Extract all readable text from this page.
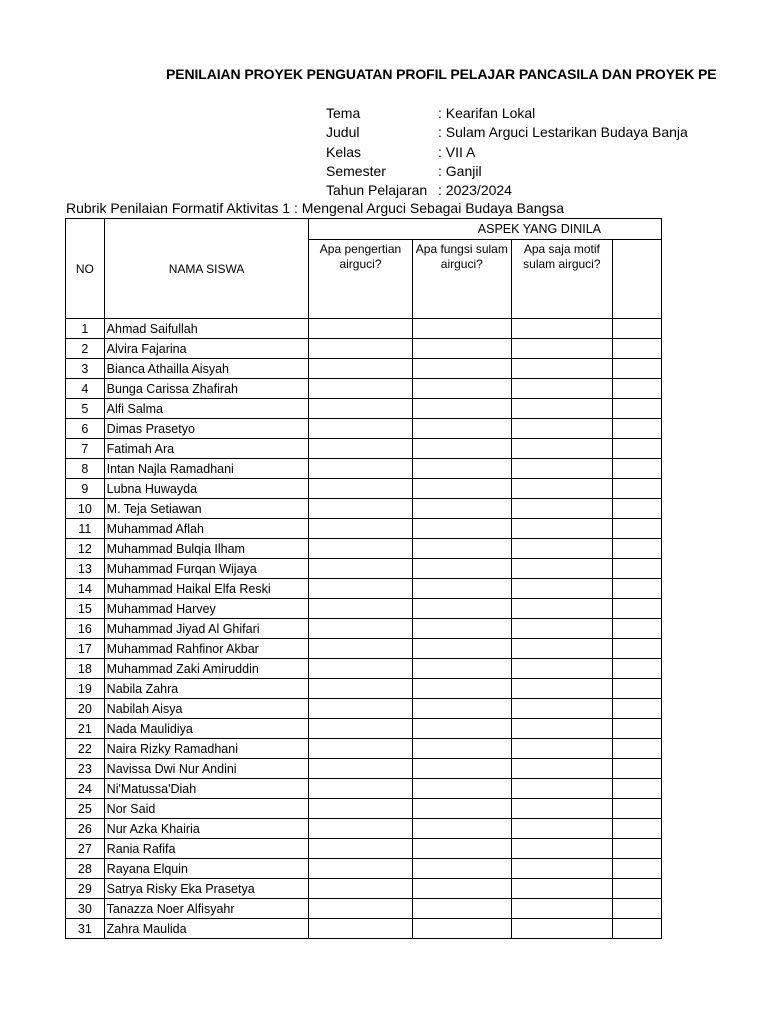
PENILAIAN PROYEK PENGUATAN PROFIL PELAJAR PANCASILA DAN PROYEK PE
Tema	: Kearifan Lokal
Judul	: Sulam Arguci Lestarikan Budaya Banja
Kelas	: VII A
Semester	: Ganjil
Tahun Pelajaran : 2023/2024
Rubrik Penilaian Formatif Aktivitas 1 : Mengenal Arguci Sebagai Budaya Bangsa
NO	NAMA SISWA	ASPEK YANG DINILA			
		Apa pengertian airguci?	Apa fungsi sulam airguci?	Apa saja motif sulam airguci?	
1	Ahmad Saifullah				
2	Alvira Fajarina				
3	Bianca Athailla Aisyah				
4	Bunga Carissa Zhafirah				
5	Alfi Salma				
6	Dimas Prasetyo				
7	Fatimah Ara				
8	Intan Najla Ramadhani				
9	Lubna Huwayda				
10	M. Teja Setiawan				
11	Muhammad Aflah				
12	Muhammad Bulqia Ilham				
13	Muhammad Furqan Wijaya				
14	Muhammad Haikal Elfa Reski				
15	Muhammad Harvey				
16	Muhammad Jiyad Al Ghifari				
17	Muhammad Rahfinor Akbar				
18	Muhammad Zaki Amiruddin				
19	Nabila Zahra				
20	Nabilah Aisya				
21	Nada Maulidiya				
22	Naira Rizky Ramadhani				
23	Navissa Dwi Nur Andini				
24	Ni'Matussa'Diah				
25	Nor Said				
26	Nur Azka Khairia				
27	Rania Rafifa				
28	Rayana Elquin				
29	Satrya Risky Eka Prasetya				
30	Tanazza Noer Alfisyahr				
31	Zahra Maulida				
